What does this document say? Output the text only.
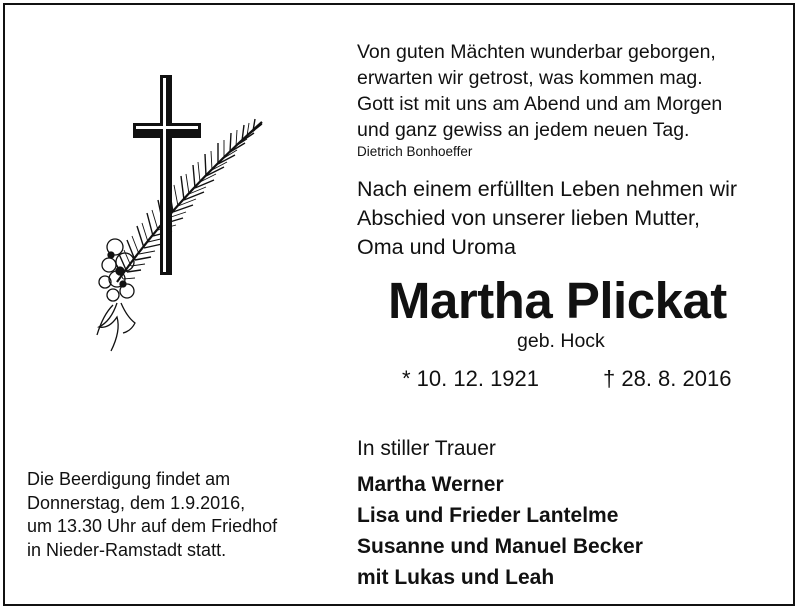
Von guten Mächten wunderbar geborgen,
erwarten wir getrost, was kommen mag.
Gott ist mit uns am Abend und am Morgen
und ganz gewiss an jedem neuen Tag.
Dietrich Bonhoeffer
Nach einem erfüllten Leben nehmen wir
Abschied von unserer lieben Mutter,
Oma und Uroma
Martha Plickat
geb. Hock
* 10. 12. 1921	† 28. 8. 2016
In stiller Trauer
Martha Werner
Lisa und Frieder Lantelme
Susanne und Manuel Becker
mit Lukas und Leah
Die Beerdigung findet am
Donnerstag, dem 1.9.2016,
um 13.30 Uhr auf dem Friedhof
in Nieder-Ramstadt statt.
